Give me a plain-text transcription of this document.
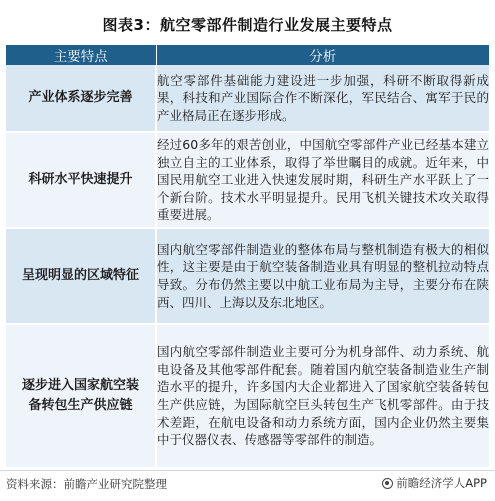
图表3：航空零部件制造行业发展主要特点
主要特点	分析
产业体系逐步完善	航空零部件基础能力建设进一步加强，科研不断取得新成果，科技和产业国际合作不断深化，军民结合、寓军于民的产业格局正在逐步形成。
科研水平快速提升	经过60多年的艰苦创业，中国航空零部件产业已经基本建立独立自主的工业体系，取得了举世瞩目的成就。近年来，中国民用航空工业进入快速发展时期，科研生产水平跃上了一个新台阶。技术水平明显提升。民用飞机关键技术攻关取得重要进展。
呈现明显的区域特征	国内航空零部件制造业的整体布局与整机制造有极大的相似性，这主要是由于航空装备制造业具有明显的整机拉动特点导致。分布仍然主要以中航工业布局为主导，主要分布在陕西、四川、上海以及东北地区。
逐步进入国家航空装备转包生产供应链	国内航空零部件制造业主要可分为机身部件、动力系统、航电设备及其他零部件配套。随着国内航空装备制造业生产制造水平的提升，许多国内大企业都进入了国家航空装备转包生产供应链，为国际航空巨头转包生产飞机零部件。由于技术差距，在航电设备和动力系统方面，国内企业仍然主要集中于仪器仪表、传感器等零部件的制造。
资料来源：前瞻产业研究院整理	前瞻经济学人APP
